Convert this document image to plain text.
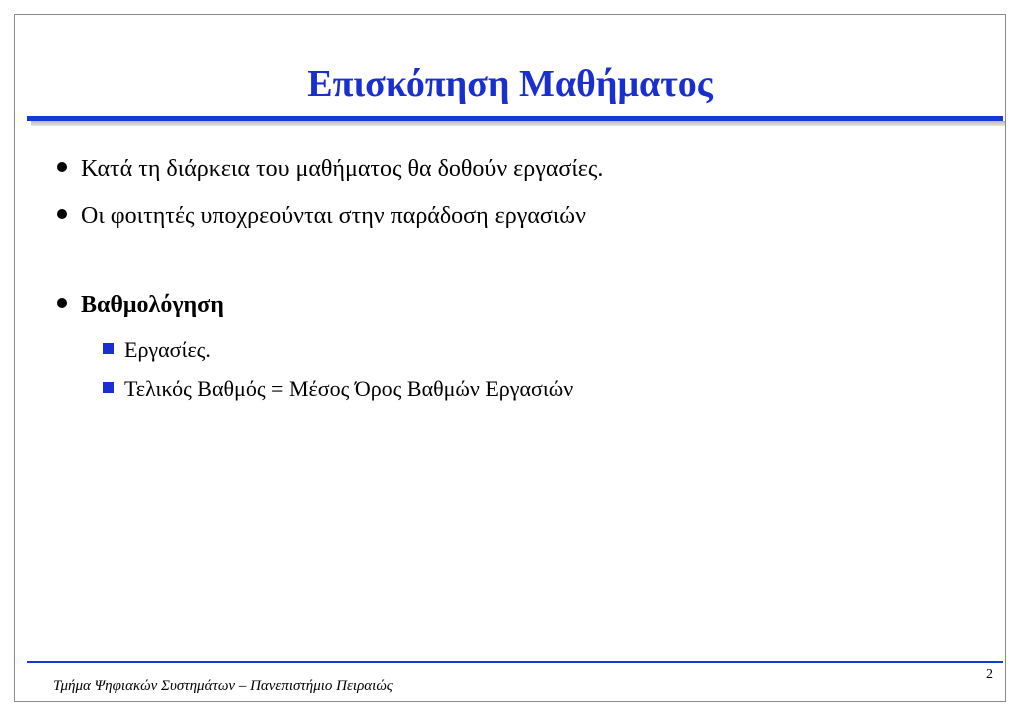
Επισκόπηση Μαθήματος
Κατά τη διάρκεια του μαθήματος θα δοθούν εργασίες.
Οι φοιτητές υποχρεούνται στην παράδοση εργασιών
Βαθμολόγηση
Εργασίες.
Τελικός Βαθμός = Μέσος Όρος Βαθμών Εργασιών
2
Τμήμα Ψηφιακών Συστημάτων – Πανεπιστήμιο Πειραιώς
